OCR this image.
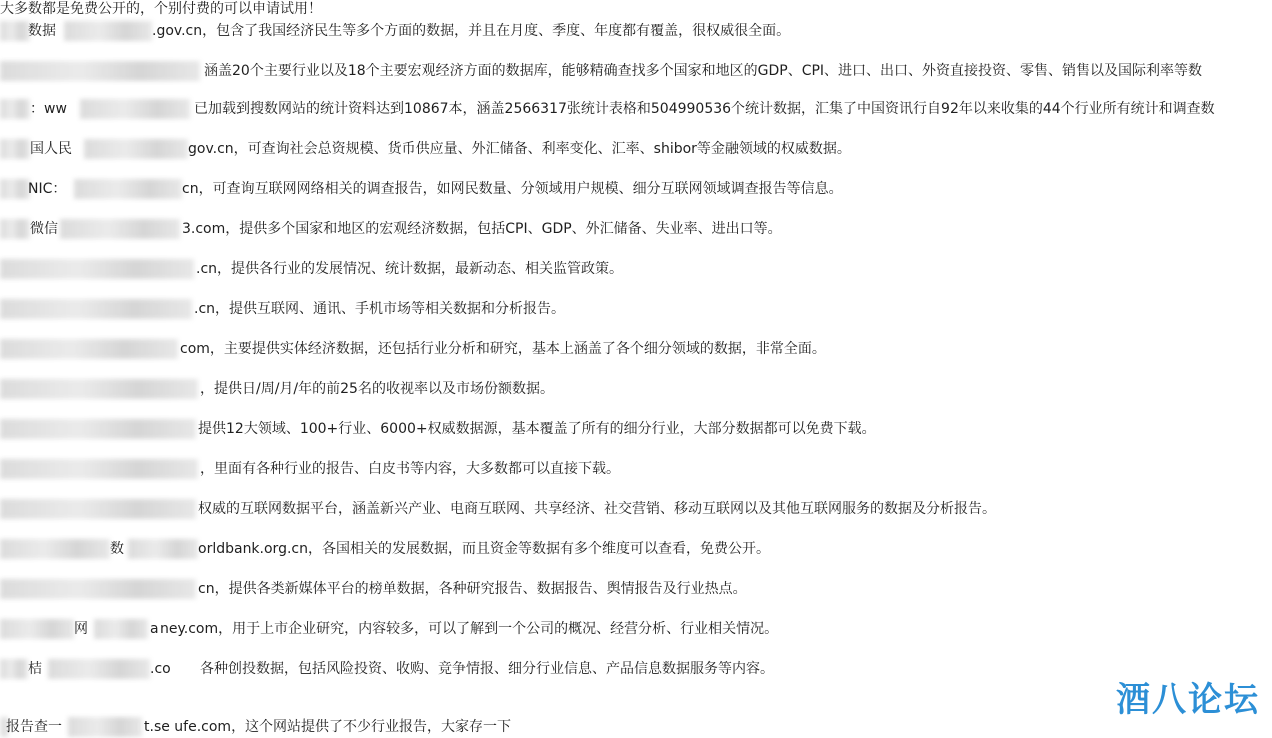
大多数都是免费公开的，个别付费的可以申请试用！
数据	.gov.cn，包含了我国经济民生等多个方面的数据，并且在月度、季度、年度都有覆盖，很权威很全面。
涵盖20个主要行业以及18个主要宏观经济方面的数据库，能够精确查找多个国家和地区的GDP、CPI、进口、出口、外资直接投资、零售、销售以及国际利率等数
：ww	已加载到搜数网站的统计资料达到10867本，涵盖2566317张统计表格和504990536个统计数据，汇集了中国资讯行自92年以来收集的44个行业所有统计和调查数
国人民	gov.cn，可查询社会总资规模、货币供应量、外汇储备、利率变化、汇率、shibor等金融领域的权威数据。
NIC：	cn，可查询互联网网络相关的调查报告，如网民数量、分领域用户规模、细分互联网领域调查报告等信息。
微信	3.com，提供多个国家和地区的宏观经济数据，包括CPI、GDP、外汇储备、失业率、进出口等。
.cn，提供各行业的发展情况、统计数据，最新动态、相关监管政策。
.cn，提供互联网、通讯、手机市场等相关数据和分析报告。
com，主要提供实体经济数据，还包括行业分析和研究，基本上涵盖了各个细分领域的数据，非常全面。
，提供日/周/月/年的前25名的收视率以及市场份额数据。
提供12大领域、100+行业、6000+权威数据源，基本覆盖了所有的细分行业，大部分数据都可以免费下载。
，里面有各种行业的报告、白皮书等内容，大多数都可以直接下载。
权威的互联网数据平台，涵盖新兴产业、电商互联网、共享经济、社交营销、移动互联网以及其他互联网服务的数据及分析报告。
数	orldbank.org.cn，各国相关的发展数据，而且资金等数据有多个维度可以查看，免费公开。
cn，提供各类新媒体平台的榜单数据，各种研究报告、数据报告、舆情报告及行业热点。
网	a ney.com，用于上市企业研究，内容较多，可以了解到一个公司的概况、经营分析、行业相关情况。
桔	.co 各种创投数据，包括风险投资、收购、竞争情报、细分行业信息、产品信息数据服务等内容。
报告查一	t.se ufe.com，这个网站提供了不少行业报告，大家存一下
酒八论坛
